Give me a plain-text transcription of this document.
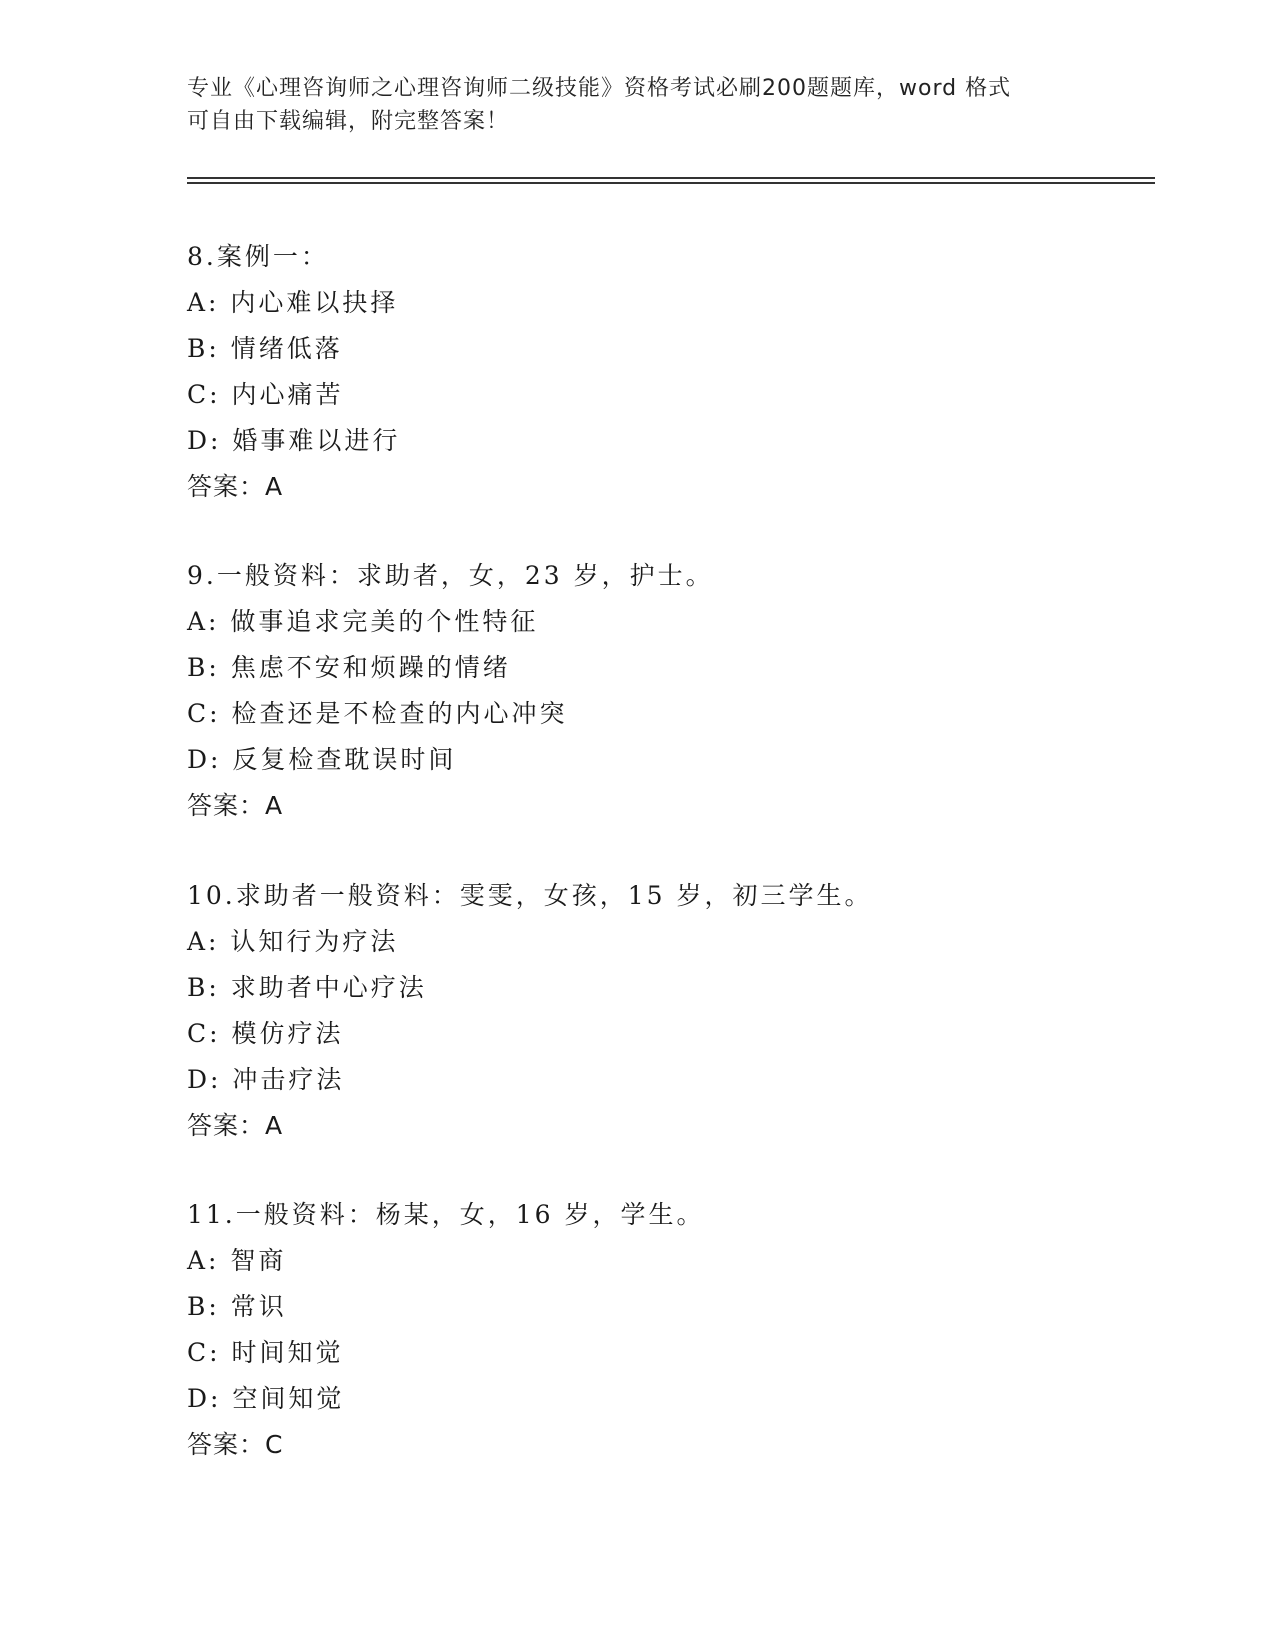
专业《心理咨询师之心理咨询师二级技能》资格考试必刷200题题库，word 格式
可自由下载编辑，附完整答案！
8.案例一：
A: 内心难以抉择
B: 情绪低落
C: 内心痛苦
D: 婚事难以进行
答案：A
9.一般资料：求助者，女，23 岁，护士。
A: 做事追求完美的个性特征
B: 焦虑不安和烦躁的情绪
C: 检查还是不检查的内心冲突
D: 反复检查耽误时间
答案：A
10.求助者一般资料：雯雯，女孩，15 岁，初三学生。
A: 认知行为疗法
B: 求助者中心疗法
C: 模仿疗法
D: 冲击疗法
答案：A
11.一般资料：杨某，女，16 岁，学生。
A: 智商
B: 常识
C: 时间知觉
D: 空间知觉
答案：C
